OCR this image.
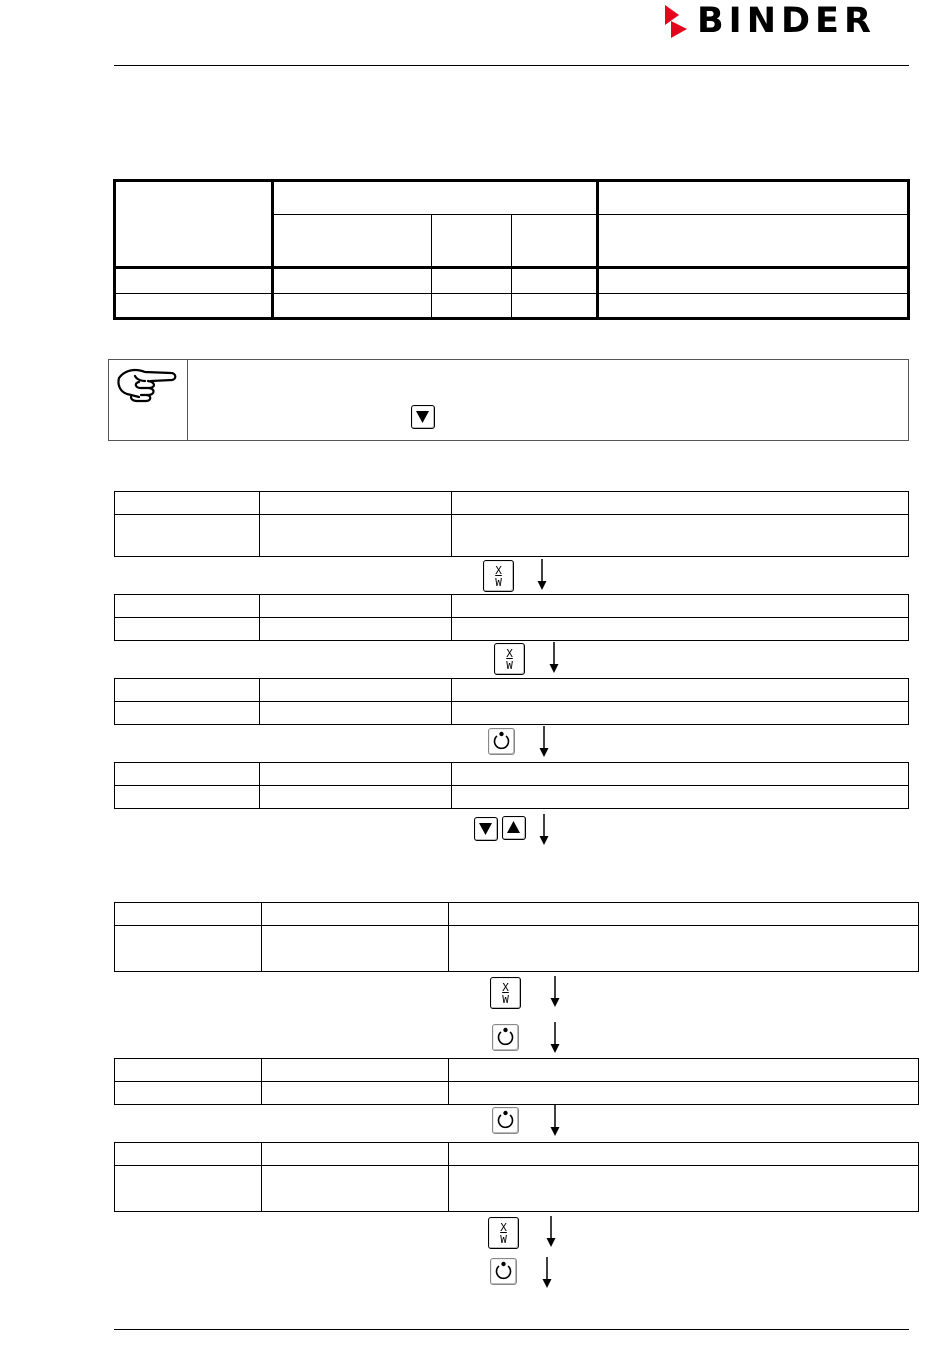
BINDER

X
W

X
W

X
W

X
W
